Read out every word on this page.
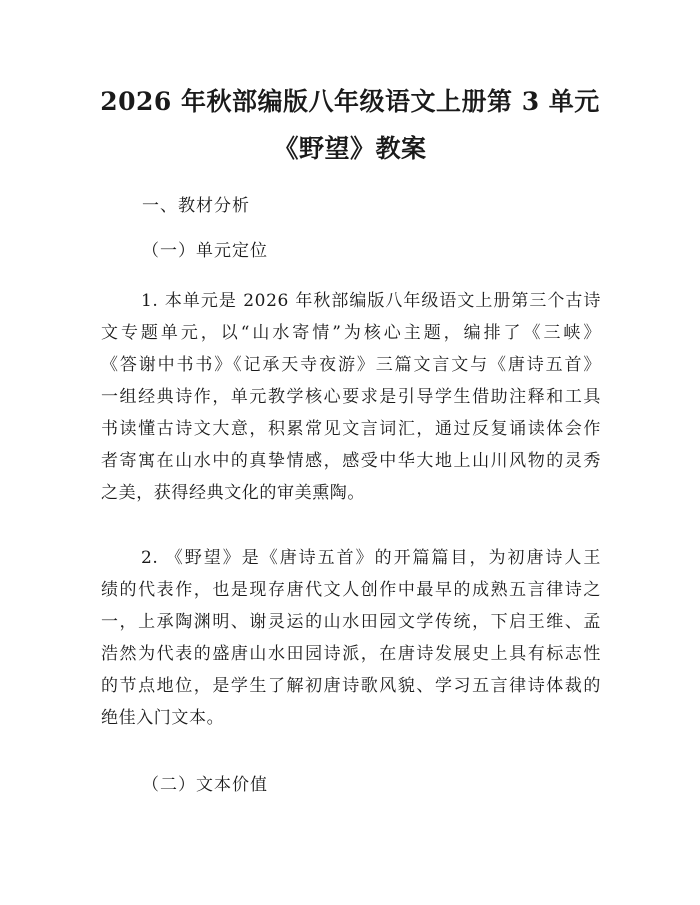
2026 年秋部编版八年级语文上册第 3 单元
《野望》教案
一、教材分析
（一）单元定位
1. 本单元是 2026 年秋部编版八年级语文上册第三个古诗
文专题单元，以“山水寄情”为核心主题，编排了《三峡》
《答谢中书书》《记承天寺夜游》三篇文言文与《唐诗五首》
一组经典诗作，单元教学核心要求是引导学生借助注释和工具
书读懂古诗文大意，积累常见文言词汇，通过反复诵读体会作
者寄寓在山水中的真挚情感，感受中华大地上山川风物的灵秀
之美，获得经典文化的审美熏陶。
2. 《野望》是《唐诗五首》的开篇篇目，为初唐诗人王
绩的代表作，也是现存唐代文人创作中最早的成熟五言律诗之
一，上承陶渊明、谢灵运的山水田园文学传统，下启王维、孟
浩然为代表的盛唐山水田园诗派，在唐诗发展史上具有标志性
的节点地位，是学生了解初唐诗歌风貌、学习五言律诗体裁的
绝佳入门文本。
（二）文本价值
